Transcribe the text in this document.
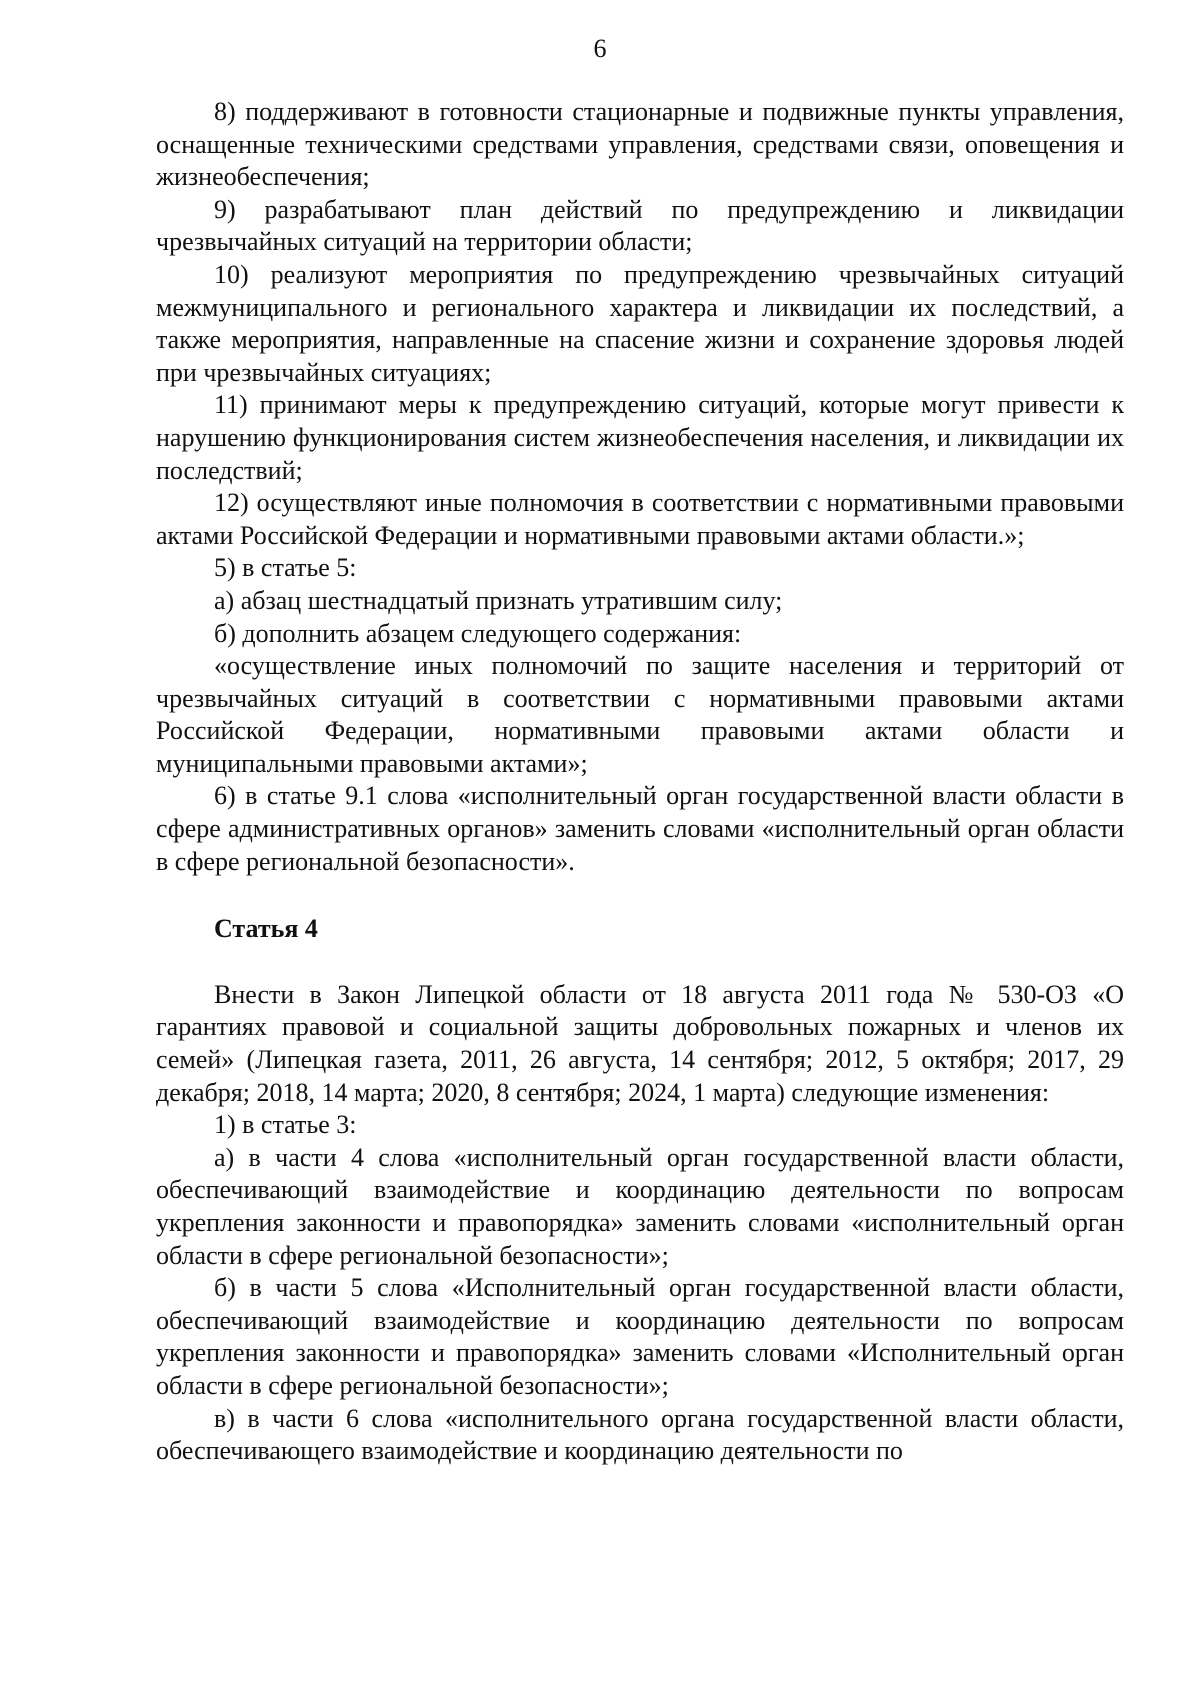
6

8) поддерживают в готовности стационарные и подвижные пункты управления, оснащенные техническими средствами управления, средствами связи, оповещения и жизнеобеспечения;

9) разрабатывают план действий по предупреждению и ликвидации чрезвычайных ситуаций на территории области;

10) реализуют мероприятия по предупреждению чрезвычайных ситуаций межмуниципального и регионального характера и ликвидации их последствий, а также мероприятия, направленные на спасение жизни и сохранение здоровья людей при чрезвычайных ситуациях;

11) принимают меры к предупреждению ситуаций, которые могут привести к нарушению функционирования систем жизнеобеспечения населения, и ликвидации их последствий;

12) осуществляют иные полномочия в соответствии с нормативными правовыми актами Российской Федерации и нормативными правовыми актами области.»;

5) в статье 5:

а) абзац шестнадцатый признать утратившим силу;

б) дополнить абзацем следующего содержания:

«осуществление иных полномочий по защите населения и территорий от чрезвычайных ситуаций в соответствии с нормативными правовыми актами Российской Федерации, нормативными правовыми актами области и муниципальными правовыми актами»;

6) в статье 9.1 слова «исполнительный орган государственной власти области в сфере административных органов» заменить словами «исполнительный орган области в сфере региональной безопасности».

Статья 4

Внести в Закон Липецкой области от 18 августа 2011 года № 530-ОЗ «О гарантиях правовой и социальной защиты добровольных пожарных и членов их семей» (Липецкая газета, 2011, 26 августа, 14 сентября; 2012, 5 октября; 2017, 29 декабря; 2018, 14 марта; 2020, 8 сентября; 2024, 1 марта) следующие изменения:

1) в статье 3:

а) в части 4 слова «исполнительный орган государственной власти области, обеспечивающий взаимодействие и координацию деятельности по вопросам укрепления законности и правопорядка» заменить словами «исполнительный орган области в сфере региональной безопасности»;

б) в части 5 слова «Исполнительный орган государственной власти области, обеспечивающий взаимодействие и координацию деятельности по вопросам укрепления законности и правопорядка» заменить словами «Исполнительный орган области в сфере региональной безопасности»;

в) в части 6 слова «исполнительного органа государственной власти области, обеспечивающего взаимодействие и координацию деятельности по
